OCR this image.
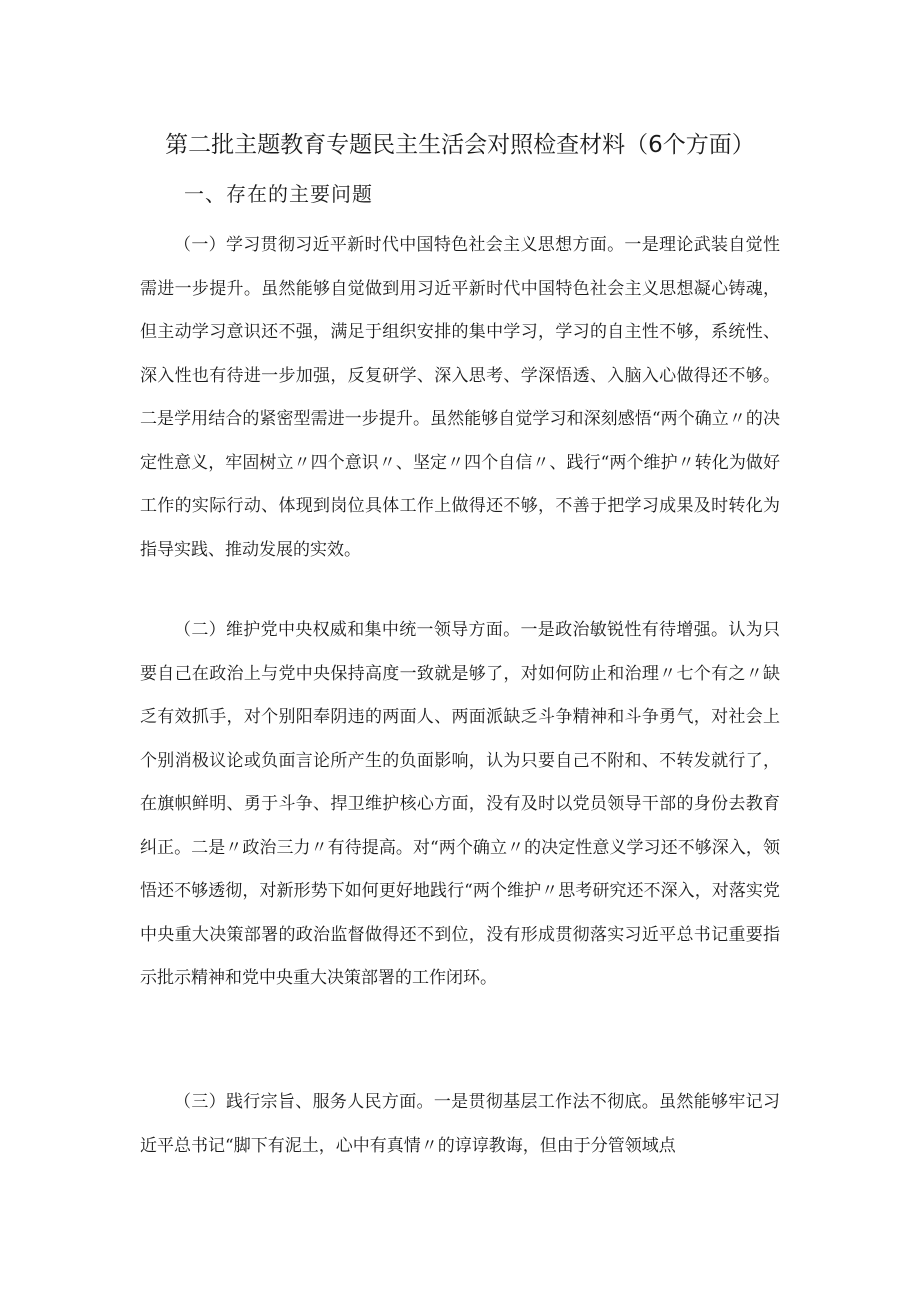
第二批主题教育专题民主生活会对照检查材料（6个方面）
一、存在的主要问题

（一）学习贯彻习近平新时代中国特色社会主义思想方面。一是理论武装自觉性需进一步提升。虽然能够自觉做到用习近平新时代中国特色社会主义思想凝心铸魂，但主动学习意识还不强，满足于组织安排的集中学习，学习的自主性不够，系统性、深入性也有待进一步加强，反复研学、深入思考、学深悟透、入脑入心做得还不够。二是学用结合的紧密型需进一步提升。虽然能够自觉学习和深刻感悟“两个确立〃的决定性意义，牢固树立〃四个意识〃、坚定〃四个自信〃、践行“两个维护〃转化为做好工作的实际行动、体现到岗位具体工作上做得还不够，不善于把学习成果及时转化为指导实践、推动发展的实效。

（二）维护党中央权威和集中统一领导方面。一是政治敏锐性有待增强。认为只要自己在政治上与党中央保持高度一致就是够了，对如何防止和治理〃七个有之〃缺乏有效抓手，对个别阳奉阴违的两面人、两面派缺乏斗争精神和斗争勇气，对社会上个别消极议论或负面言论所产生的负面影响，认为只要自己不附和、不转发就行了，在旗帜鲜明、勇于斗争、捍卫维护核心方面，没有及时以党员领导干部的身份去教育纠正。二是〃政治三力〃有待提高。对“两个确立〃的决定性意义学习还不够深入，领悟还不够透彻，对新形势下如何更好地践行“两个维护〃思考研究还不深入，对落实党中央重大决策部署的政治监督做得还不到位，没有形成贯彻落实习近平总书记重要指示批示精神和党中央重大决策部署的工作闭环。

（三）践行宗旨、服务人民方面。一是贯彻基层工作法不彻底。虽然能够牢记习近平总书记“脚下有泥土，心中有真情〃的谆谆教诲，但由于分管领域点
